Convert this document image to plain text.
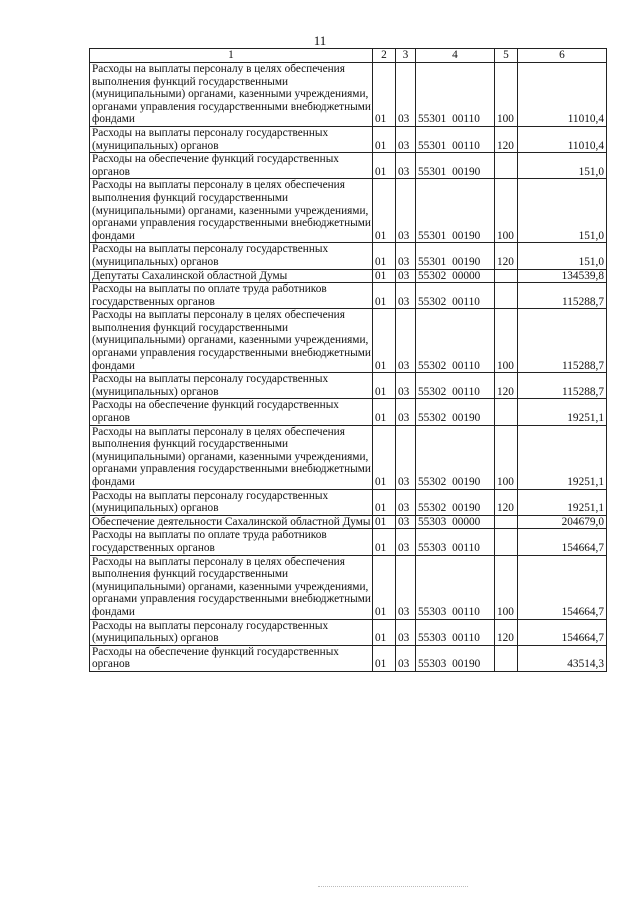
11
1	2	3	4	5	6
Расходы на выплаты персоналу в целях обеспечения выполнения функций государственными (муниципальными) органами, казенными учреждениями, органами управления государственными внебюджетными фондами	01	03	55301 00110	100	11010,4
Расходы на выплаты персоналу государственных (муниципальных) органов	01	03	55301 00110	120	11010,4
Расходы на обеспечение функций государственных органов	01	03	55301 00190		151,0
Расходы на выплаты персоналу в целях обеспечения выполнения функций государственными (муниципальными) органами, казенными учреждениями, органами управления государственными внебюджетными фондами	01	03	55301 00190	100	151,0
Расходы на выплаты персоналу государственных (муниципальных) органов	01	03	55301 00190	120	151,0
Депутаты Сахалинской областной Думы	01	03	55302 00000		134539,8
Расходы на выплаты по оплате труда работников государственных органов	01	03	55302 00110		115288,7
Расходы на выплаты персоналу в целях обеспечения выполнения функций государственными (муниципальными) органами, казенными учреждениями, органами управления государственными внебюджетными фондами	01	03	55302 00110	100	115288,7
Расходы на выплаты персоналу государственных (муниципальных) органов	01	03	55302 00110	120	115288,7
Расходы на обеспечение функций государственных органов	01	03	55302 00190		19251,1
Расходы на выплаты персоналу в целях обеспечения выполнения функций государственными (муниципальными) органами, казенными учреждениями, органами управления государственными внебюджетными фондами	01	03	55302 00190	100	19251,1
Расходы на выплаты персоналу государственных (муниципальных) органов	01	03	55302 00190	120	19251,1
Обеспечение деятельности Сахалинской областной Думы	01	03	55303 00000		204679,0
Расходы на выплаты по оплате труда работников государственных органов	01	03	55303 00110		154664,7
Расходы на выплаты персоналу в целях обеспечения выполнения функций государственными (муниципальными) органами, казенными учреждениями, органами управления государственными внебюджетными фондами	01	03	55303 00110	100	154664,7
Расходы на выплаты персоналу государственных (муниципальных) органов	01	03	55303 00110	120	154664,7
Расходы на обеспечение функций государственных органов	01	03	55303 00190		43514,3
